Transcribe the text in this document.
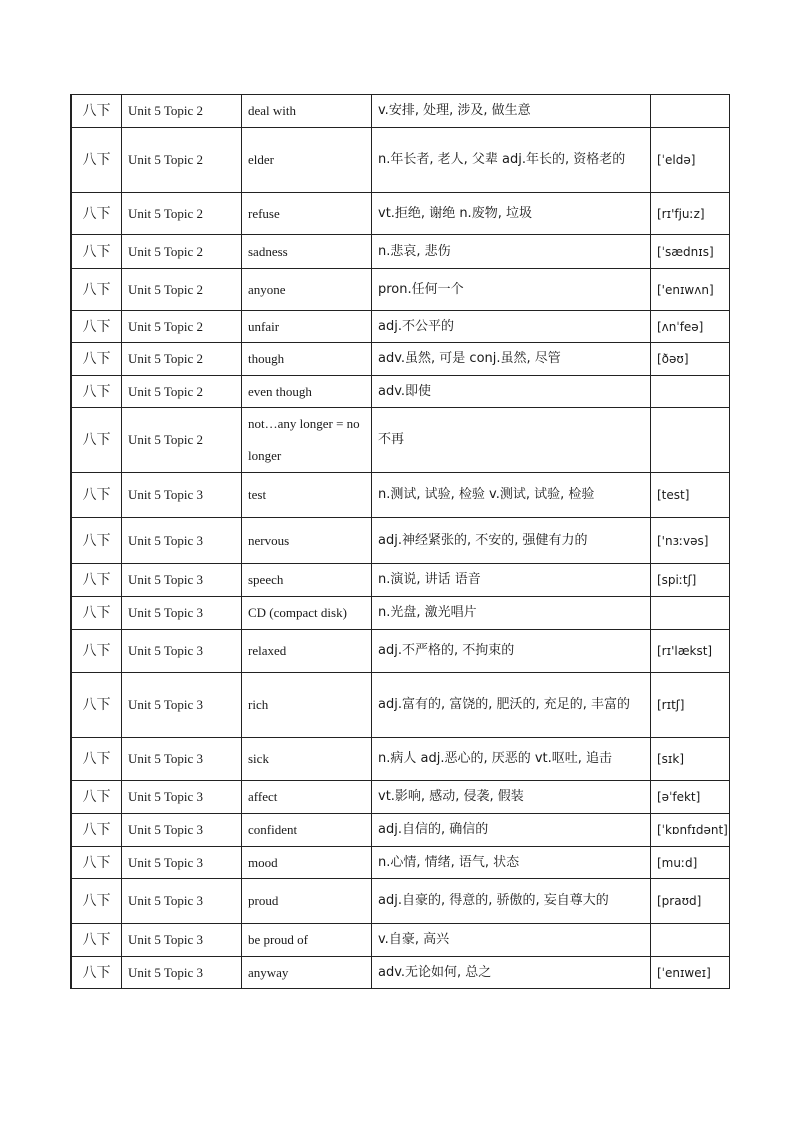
八下	Unit 5 Topic 2	deal with	v.安排, 处理, 涉及, 做生意	
八下	Unit 5 Topic 2	elder	n.年长者, 老人, 父辈 adj.年长的, 资格老的	[ˈeldə]
八下	Unit 5 Topic 2	refuse	vt.拒绝, 谢绝 n.废物, 垃圾	[rɪ'fjuːz]
八下	Unit 5 Topic 2	sadness	n.悲哀, 悲伤	[ˈsædnɪs]
八下	Unit 5 Topic 2	anyone	pron.任何一个	['enɪwʌn]
八下	Unit 5 Topic 2	unfair	adj.不公平的	[ʌnˈfeə]
八下	Unit 5 Topic 2	though	adv.虽然, 可是 conj.虽然, 尽管	[ðəʊ]
八下	Unit 5 Topic 2	even though	adv.即使	
八下	Unit 5 Topic 2	not…any longer = no longer	不再	
八下	Unit 5 Topic 3	test	n.测试, 试验, 检验 v.测试, 试验, 检验	[test]
八下	Unit 5 Topic 3	nervous	adj.神经紧张的, 不安的, 强健有力的	['nɜːvəs]
八下	Unit 5 Topic 3	speech	n.演说, 讲话 语音	[spiːtʃ]
八下	Unit 5 Topic 3	CD (compact disk)	n.光盘, 激光唱片	
八下	Unit 5 Topic 3	relaxed	adj.不严格的, 不拘束的	[rɪ'lækst]
八下	Unit 5 Topic 3	rich	adj.富有的, 富饶的, 肥沃的, 充足的, 丰富的	[rɪtʃ]
八下	Unit 5 Topic 3	sick	n.病人 adj.恶心的, 厌恶的 vt.呕吐, 追击	[sɪk]
八下	Unit 5 Topic 3	affect	vt.影响, 感动, 侵袭, 假装	[əˈfekt]
八下	Unit 5 Topic 3	confident	adj.自信的, 确信的	[ˈkɒnfɪdənt]
八下	Unit 5 Topic 3	mood	n.心情, 情绪, 语气, 状态	[muːd]
八下	Unit 5 Topic 3	proud	adj.自豪的, 得意的, 骄傲的, 妄自尊大的	[praʊd]
八下	Unit 5 Topic 3	be proud of	v.自豪, 高兴	
八下	Unit 5 Topic 3	anyway	adv.无论如何, 总之	[ˈenɪweɪ]
